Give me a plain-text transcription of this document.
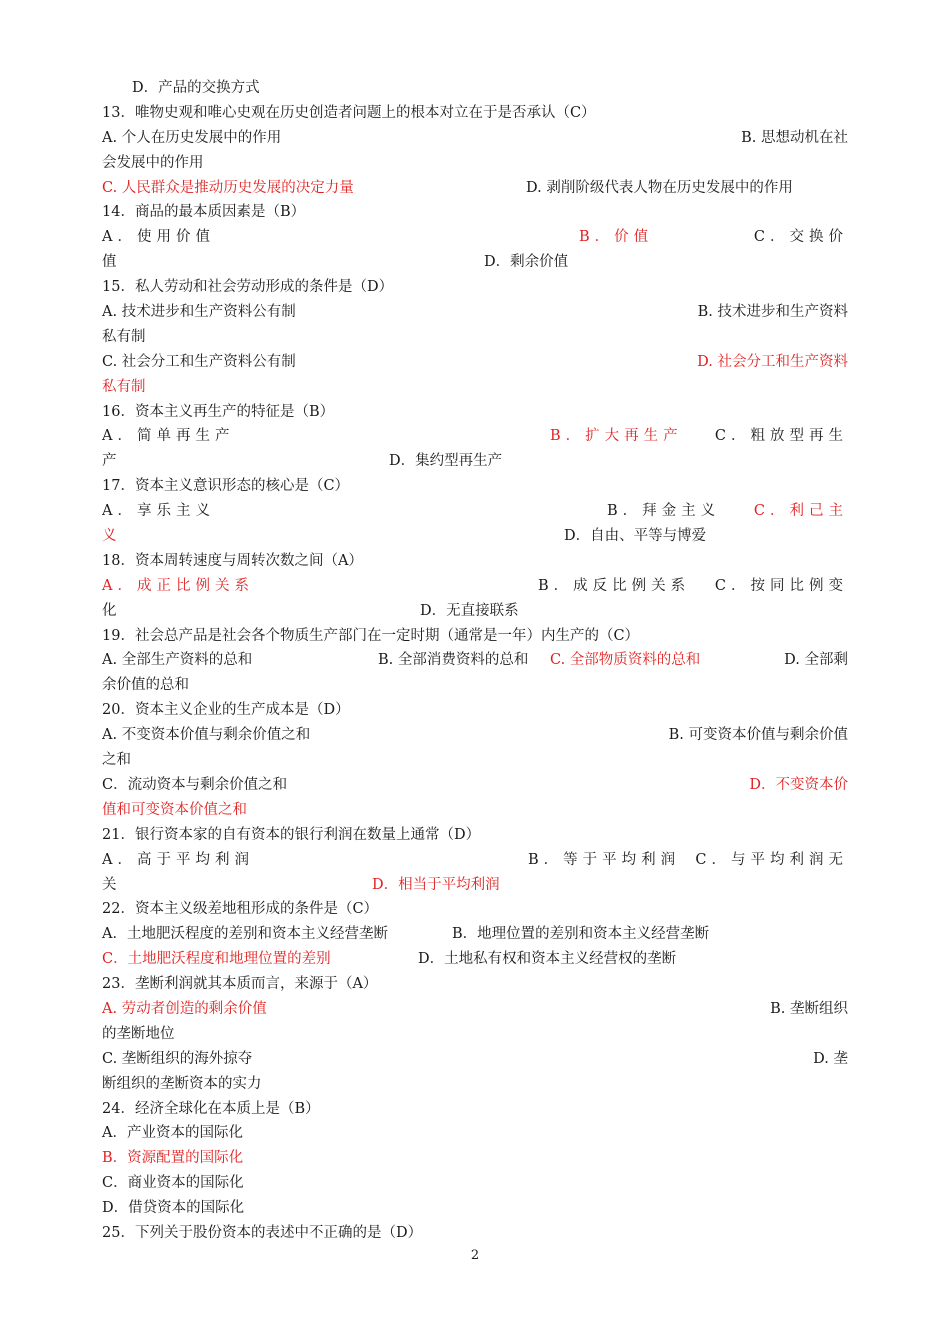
D．产品的交换方式
13．唯物史观和唯心史观在历史创造者问题上的根本对立在于是否承认（C）
A. 个人在历史发展中的作用	B. 思想动机在社
会发展中的作用
C. 人民群众是推动历史发展的决定力量	D. 剥削阶级代表人物在历史发展中的作用
14．商品的最本质因素是（B）
A．使用价值	B．价值	C．交换价
值	D．剩余价值
15．私人劳动和社会劳动形成的条件是（D）
A. 技术进步和生产资料公有制	B. 技术进步和生产资料
私有制
C. 社会分工和生产资料公有制	D. 社会分工和生产资料
私有制
16．资本主义再生产的特征是（B）
A．简单再生产	B．扩大再生产 C．粗放型再生
产	D．集约型再生产
17．资本主义意识形态的核心是（C）
A．享乐主义	B．拜金主义 C．利己主
义	D．自由、平等与博爱
18．资本周转速度与周转次数之间（A）
A．成正比例关系	B．成反比例关系 C．按同比例变
化	D．无直接联系
19．社会总产品是社会各个物质生产部门在一定时期（通常是一年）内生产的（C）
A. 全部生产资料的总和	B. 全部消费资料的总和 C. 全部物质资料的总和	D. 全部剩
余价值的总和
20．资本主义企业的生产成本是（D）
A. 不变资本价值与剩余价值之和	B. 可变资本价值与剩余价值
之和
C．流动资本与剩余价值之和	D．不变资本价
值和可变资本价值之和
21．银行资本家的自有资本的银行利润在数量上通常（D）
A．高于平均利润	B．等于平均利润 C．与平均利润无
关	D．相当于平均利润
22．资本主义级差地租形成的条件是（C）
A．土地肥沃程度的差别和资本主义经营垄断	B．地理位置的差别和资本主义经营垄断
C．土地肥沃程度和地理位置的差别	D．土地私有权和资本主义经营权的垄断
23．垄断利润就其本质而言，来源于（A）
A. 劳动者创造的剩余价值	B. 垄断组织
的垄断地位
C. 垄断组织的海外掠夺	D. 垄
断组织的垄断资本的实力
24．经济全球化在本质上是（B）
A．产业资本的国际化
B．资源配置的国际化
C．商业资本的国际化
D．借贷资本的国际化
25．下列关于股份资本的表述中不正确的是（D）
2
